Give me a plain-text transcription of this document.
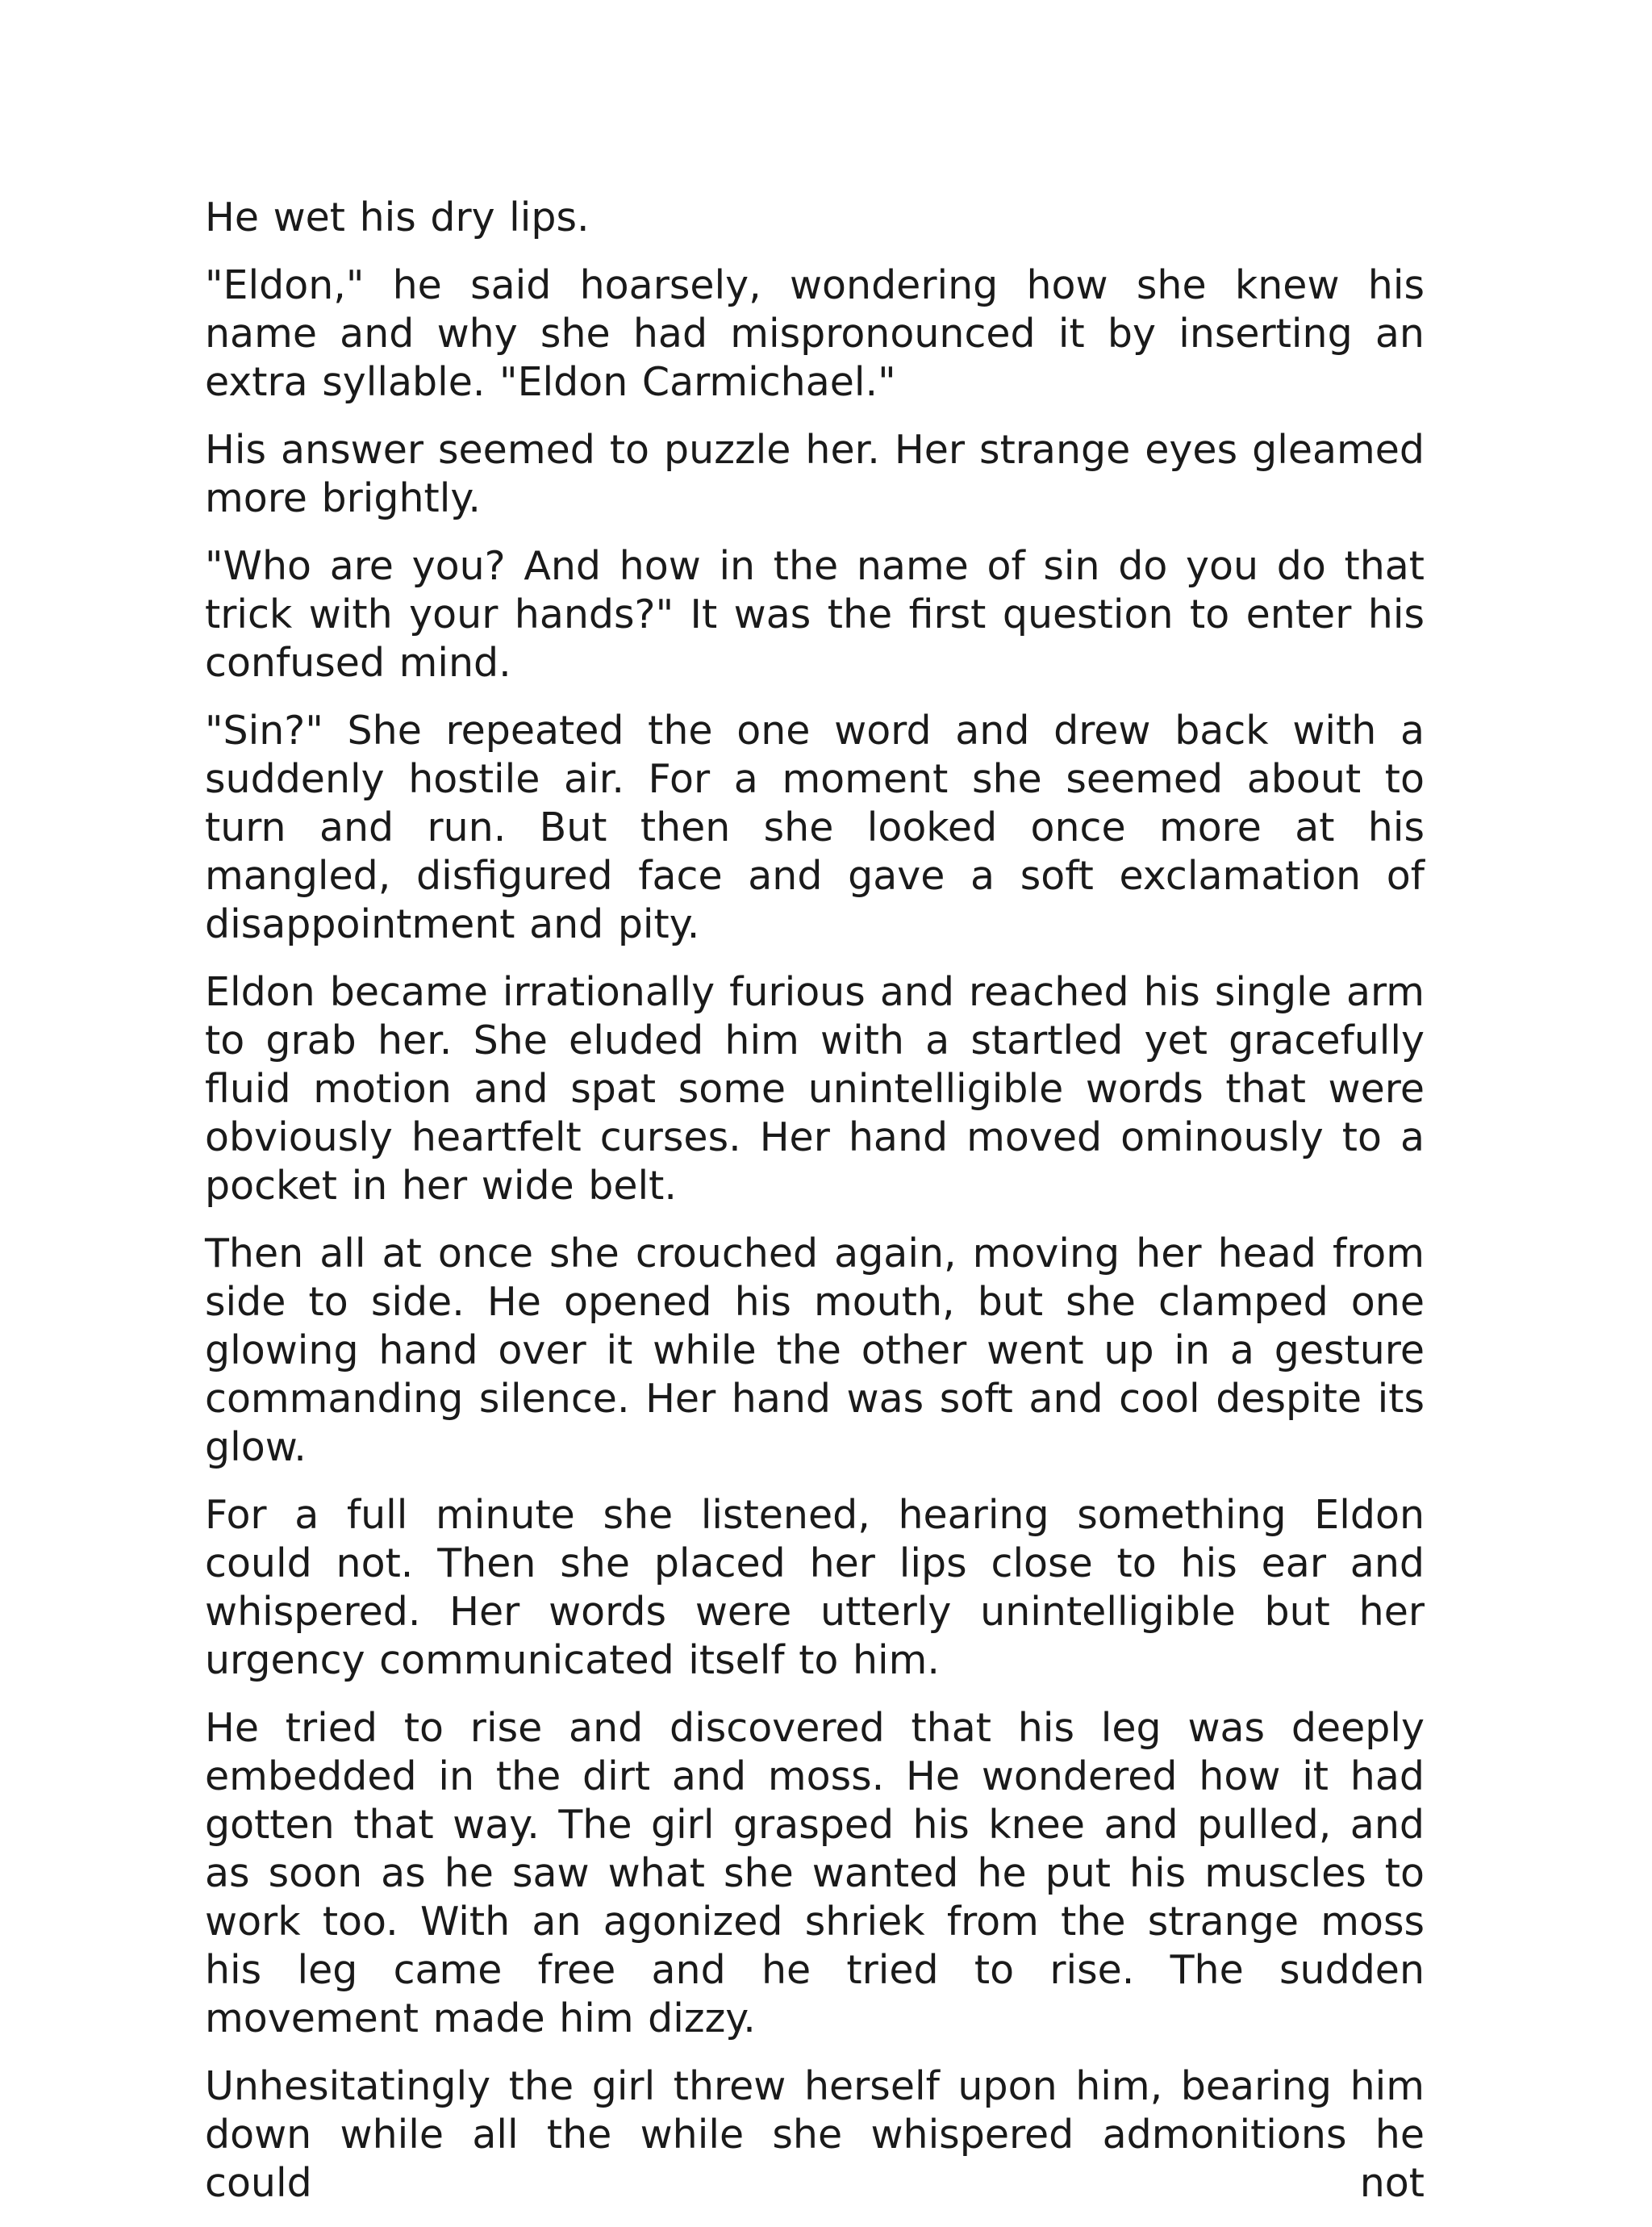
He wet his dry lips.

"Eldon," he said hoarsely, wondering how she knew his name and why she had mispronounced it by inserting an extra syllable. "Eldon Carmichael."

His answer seemed to puzzle her. Her strange eyes gleamed more brightly.

"Who are you? And how in the name of sin do you do that trick with your hands?" It was the first question to enter his confused mind.

"Sin?" She repeated the one word and drew back with a suddenly hostile air. For a moment she seemed about to turn and run. But then she looked once more at his mangled, disfigured face and gave a soft exclamation of disappointment and pity.

Eldon became irrationally furious and reached his single arm to grab her. She eluded him with a startled yet gracefully fluid motion and spat some unintelligible words that were obviously heartfelt curses. Her hand moved ominously to a pocket in her wide belt.

Then all at once she crouched again, moving her head from side to side. He opened his mouth, but she clamped one glowing hand over it while the other went up in a gesture commanding silence. Her hand was soft and cool despite its glow.

For a full minute she listened, hearing something Eldon could not. Then she placed her lips close to his ear and whispered. Her words were utterly unintelligible but her urgency communicated itself to him.

He tried to rise and discovered that his leg was deeply embedded in the dirt and moss. He wondered how it had gotten that way. The girl grasped his knee and pulled, and as soon as he saw what she wanted he put his muscles to work too. With an agonized shriek from the strange moss his leg came free and he tried to rise. The sudden movement made him dizzy.

Unhesitatingly the girl threw herself upon him, bearing him down while all the while she whispered admonitions he could not
